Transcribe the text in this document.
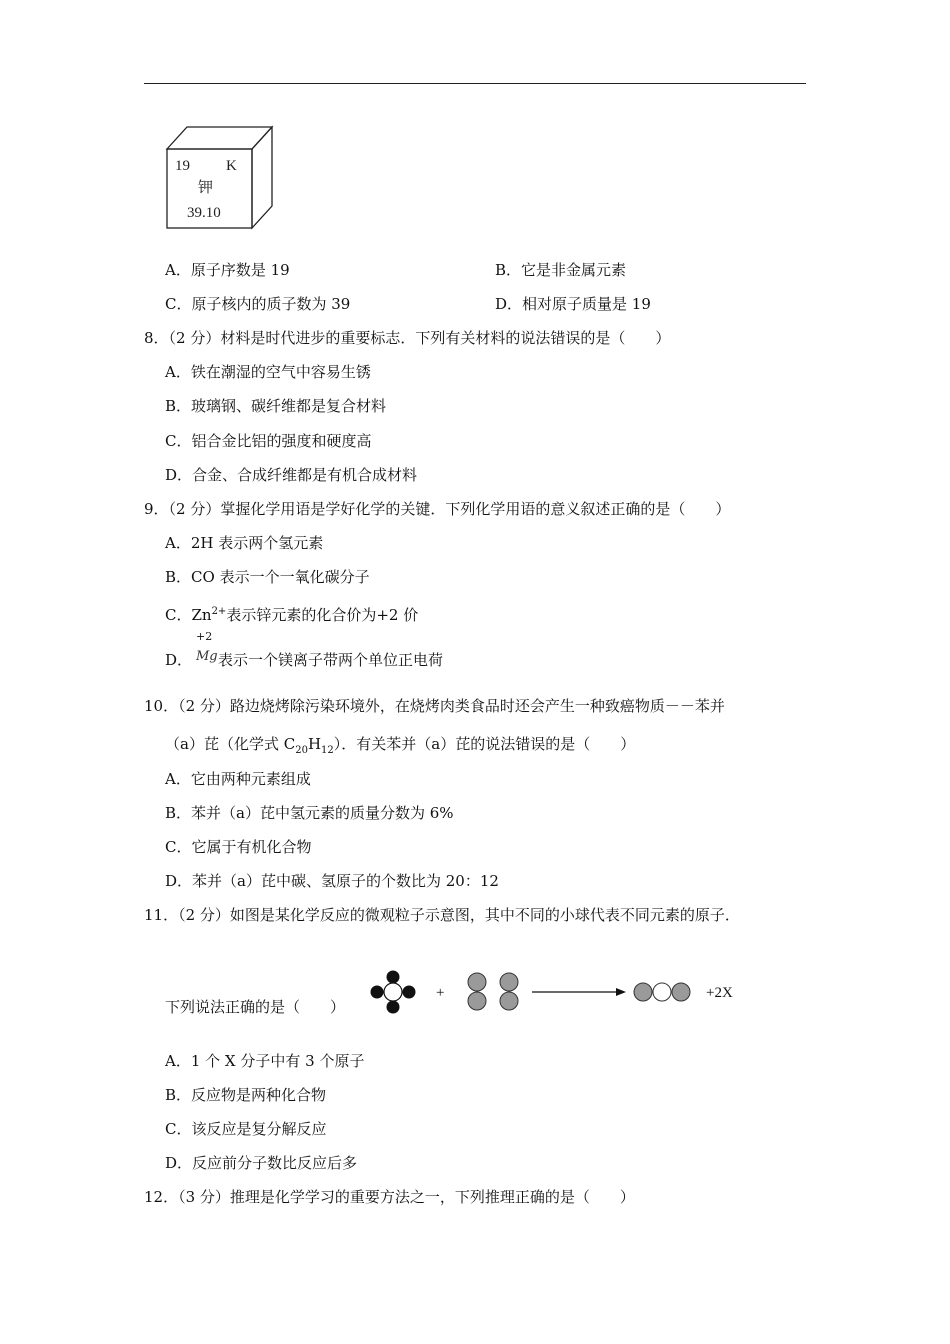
19 K
钾
39.10
A．原子序数是 19	B．它是非金属元素
C．原子核内的质子数为 39	D．相对原子质量是 19
8．（2 分）材料是时代进步的重要标志．下列有关材料的说法错误的是（　　）
A．铁在潮湿的空气中容易生锈
B．玻璃钢、碳纤维都是复合材料
C．铝合金比铝的强度和硬度高
D．合金、合成纤维都是有机合成材料
9．（2 分）掌握化学用语是学好化学的关键．下列化学用语的意义叙述正确的是（　　）
A．2H 表示两个氢元素
B．CO 表示一个一氧化碳分子
C．$Zn^{2+}$表示锌元素的化合价为+2 价
D．
+2
Mg 表示一个镁离子带两个单位正电荷
10．（2 分）路边烧烤除污染环境外，在烧烤肉类食品时还会产生一种致癌物质－－苯并
（a）芘（化学式 $C_{20}H_{12}$）．有关苯并（a）芘的说法错误的是（　　）
A．它由两种元素组成
B．苯并（a）芘中氢元素的质量分数为 6%
C．它属于有机化合物
D．苯并（a）芘中碳、氢原子的个数比为 20：12
11．（2 分）如图是某化学反应的微观粒子示意图，其中不同的小球代表不同元素的原子．
下列说法正确的是（　　）
+	+2X
A．1 个 X 分子中有 3 个原子
B．反应物是两种化合物
C．该反应是复分解反应
D．反应前分子数比反应后多
12．（3 分）推理是化学学习的重要方法之一，下列推理正确的是（　　）
